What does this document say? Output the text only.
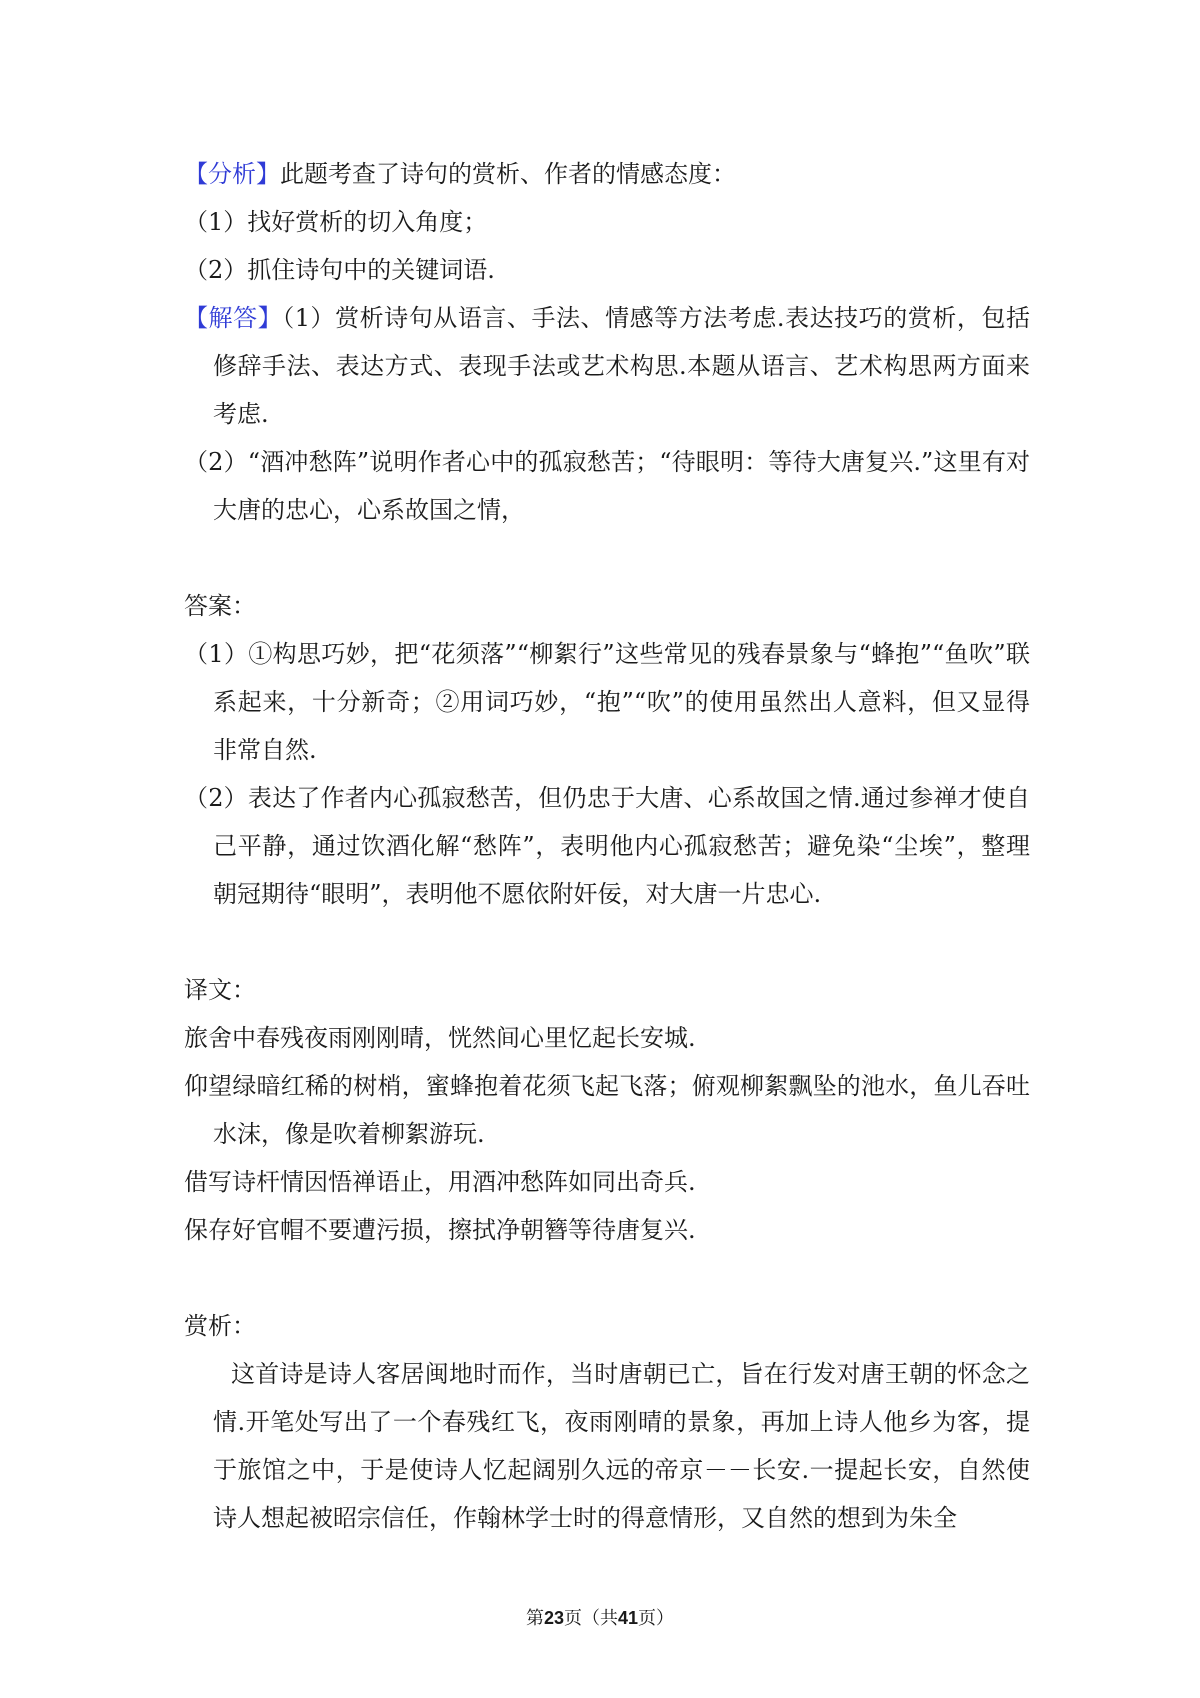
【分析】此题考查了诗句的赏析、作者的情感态度：

（1）找好赏析的切入角度；

（2）抓住诗句中的关键词语.

【解答】（1）赏析诗句从语言、手法、情感等方法考虑.表达技巧的赏析，包括修辞手法、表达方式、表现手法或艺术构思.本题从语言、艺术构思两方面来考虑.

（2）“酒冲愁阵”说明作者心中的孤寂愁苦；“待眼明：等待大唐复兴.”这里有对大唐的忠心，心系故国之情，

答案：

（1）①构思巧妙，把“花须落”“柳絮行”这些常见的残春景象与“蜂抱”“鱼吹”联系起来，十分新奇；②用词巧妙，“抱”“吹”的使用虽然出人意料，但又显得非常自然.

（2）表达了作者内心孤寂愁苦，但仍忠于大唐、心系故国之情.通过参禅才使自己平静，通过饮酒化解“愁阵”，表明他内心孤寂愁苦；避免染“尘埃”，整理朝冠期待“眼明”，表明他不愿依附奸佞，对大唐一片忠心.

译文：

旅舍中春残夜雨刚刚晴，恍然间心里忆起长安城.

仰望绿暗红稀的树梢，蜜蜂抱着花须飞起飞落；俯观柳絮飘坠的池水，鱼儿吞吐水沫，像是吹着柳絮游玩.

借写诗杆情因悟禅语止，用酒冲愁阵如同出奇兵.

保存好官帽不要遭污损，擦拭净朝簪等待唐复兴.

赏析：

这首诗是诗人客居闽地时而作，当时唐朝已亡，旨在行发对唐王朝的怀念之情.开笔处写出了一个春残红飞，夜雨刚晴的景象，再加上诗人他乡为客，提于旅馆之中，于是使诗人忆起阔别久远的帝京－－长安.一提起长安，自然使诗人想起被昭宗信任，作翰林学士时的得意情形，又自然的想到为朱全

第23页（共41页）
